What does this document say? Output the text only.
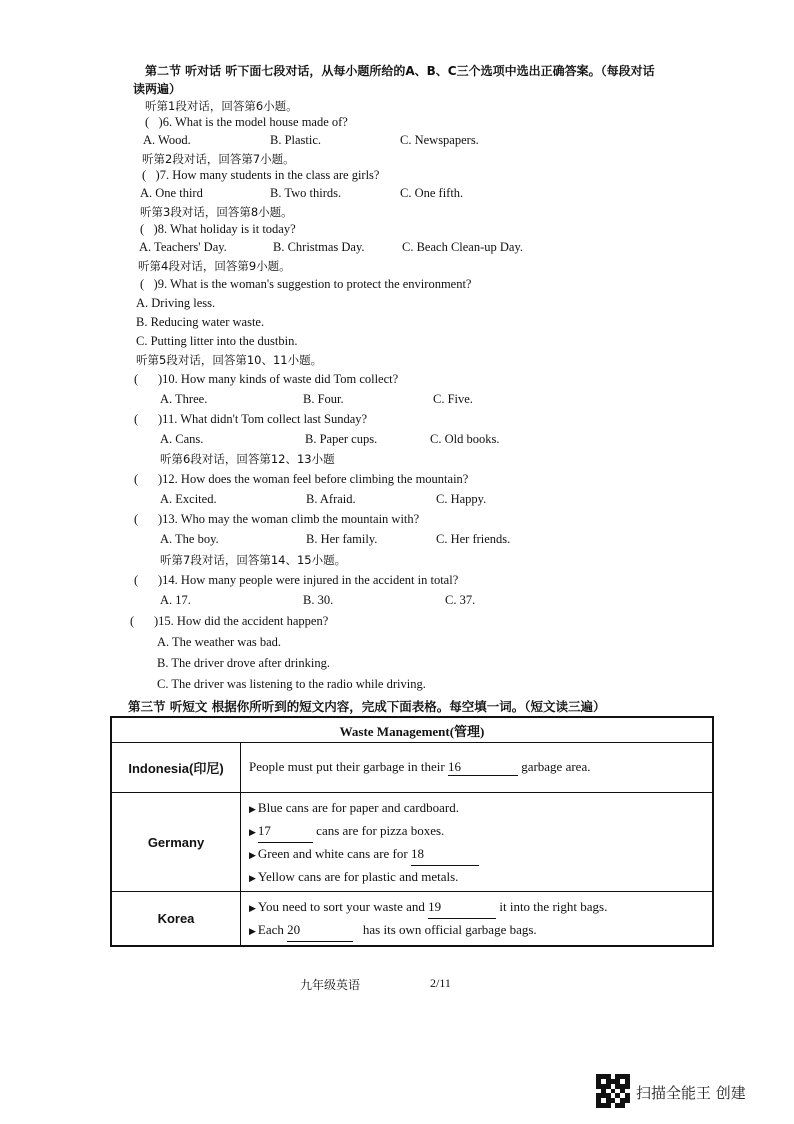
第二节 听对话 听下面七段对话，从每小题所给的A、B、C三个选项中选出正确答案。（每段对话
读两遍）
听第1段对话，回答第6小题。
( )6. What is the model house made of?
A. Wood.	B. Plastic.	C. Newspapers.
听第2段对话，回答第7小题。
( )7. How many students in the class are girls?
A. One third	B. Two thirds.	C. One fifth.
听第3段对话，回答第8小题。
( )8. What holiday is it today?
A. Teachers' Day.	B. Christmas Day.	C. Beach Clean-up Day.
听第4段对话，回答第9小题。
( )9. What is the woman's suggestion to protect the environment?
A. Driving less.
B. Reducing water waste.
C. Putting litter into the dustbin.
听第5段对话，回答第10、11小题。
( )10. How many kinds of waste did Tom collect?
A. Three.	B. Four.	C. Five.
( )11. What didn't Tom collect last Sunday?
A. Cans.	B. Paper cups.	C. Old books.
听第6段对话，回答第12、13小题
( )12. How does the woman feel before climbing the mountain?
A. Excited.	B. Afraid.	C. Happy.
( )13. Who may the woman climb the mountain with?
A. The boy.	B. Her family.	C. Her friends.
听第7段对话，回答第14、15小题。
( )14. How many people were injured in the accident in total?
A. 17.	B. 30.	C. 37.
( )15. How did the accident happen?
A. The weather was bad.
B. The driver drove after drinking.
C. The driver was listening to the radio while driving.
第三节 听短文 根据你所听到的短文内容，完成下面表格。每空填一词。（短文读三遍）
Waste Management(管理)	
Indonesia(印尼)	People must put their garbage in their 16 garbage area.
Germany	▶ Blue cans are for paper and cardboard.
▶ 17 cans are for pizza boxes.
▶ Green and white cans are for 18
▶ Yellow cans are for plastic and metals.

Korea	▶ You need to sort your waste and 19 it into the right bags.
▶ Each 20 has its own official garbage bags.
九年级英语	2/11
扫描全能王 创建
